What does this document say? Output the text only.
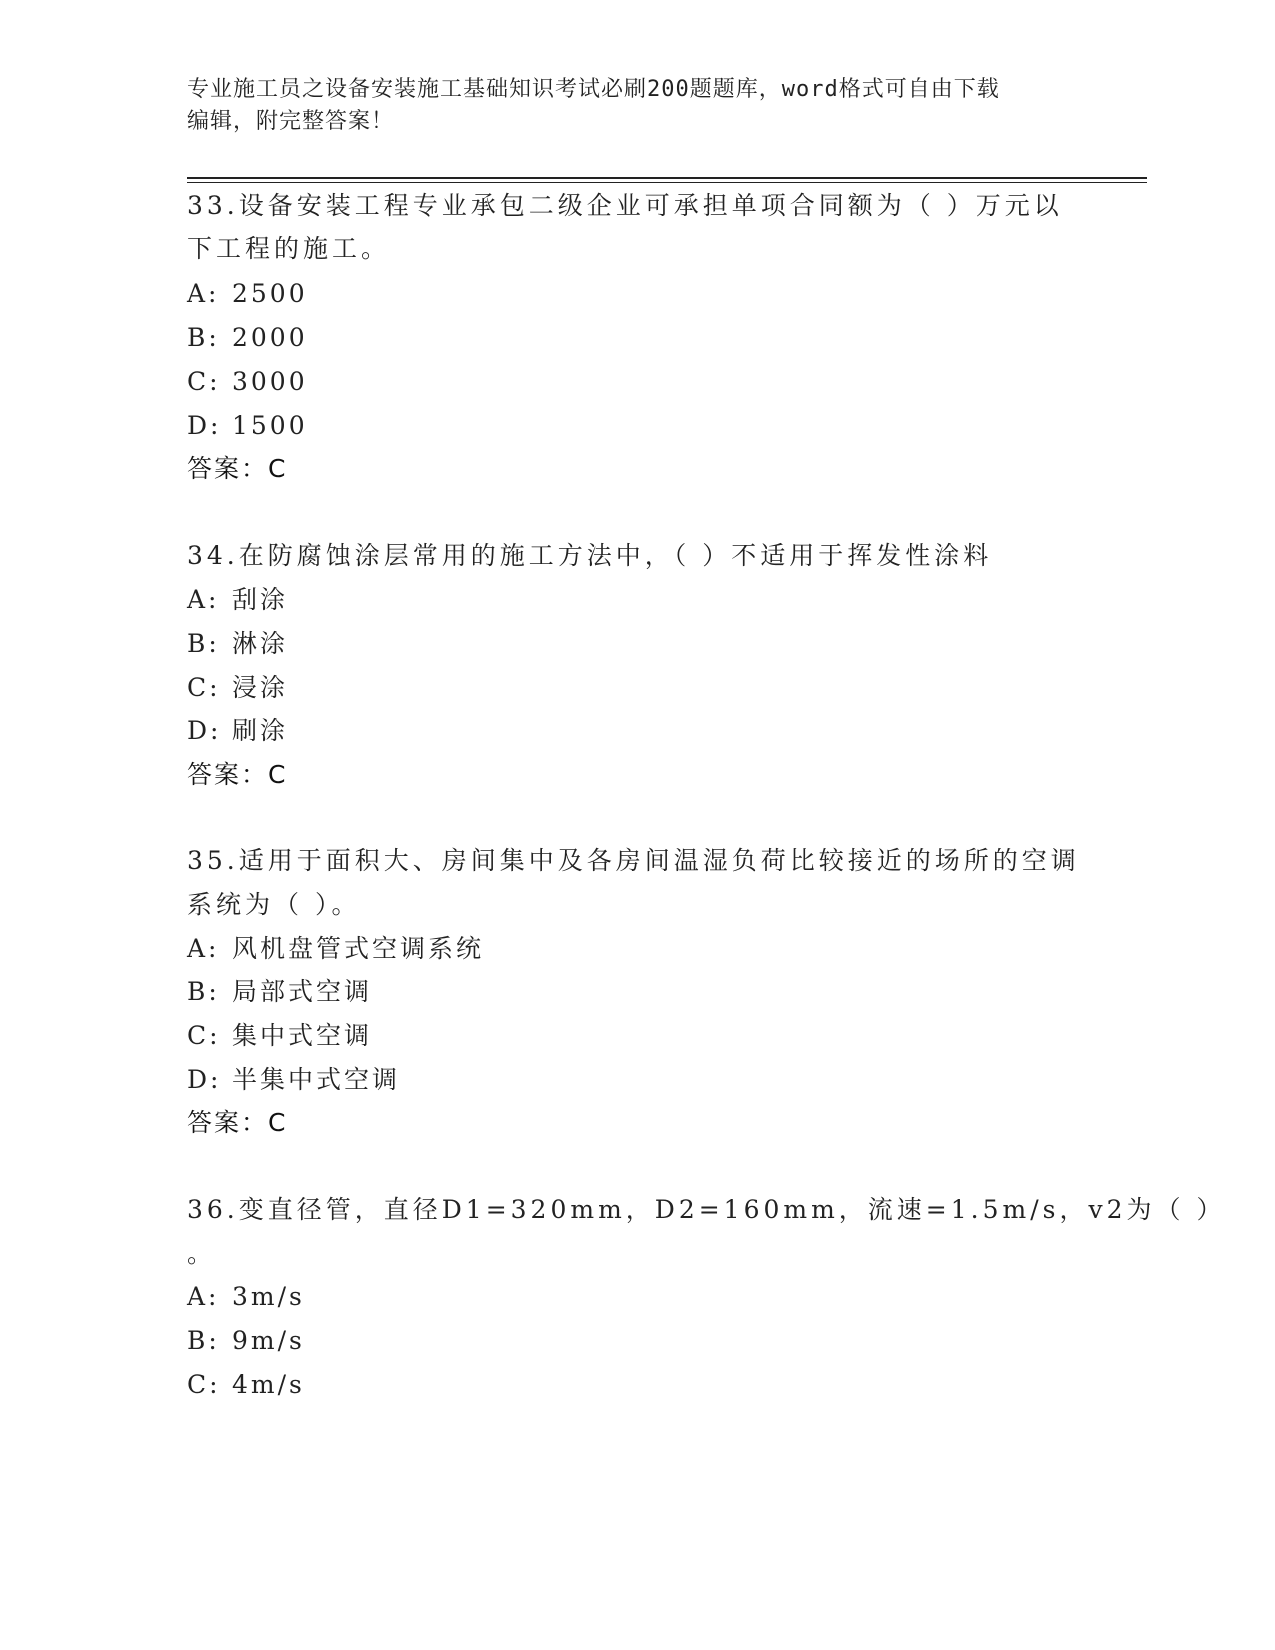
专业施工员之设备安装施工基础知识考试必刷200题题库，word格式可自由下载
编辑，附完整答案！
33.设备安装工程专业承包二级企业可承担单项合同额为（ ）万元以
下工程的施工。
A: 2500
B: 2000
C: 3000
D: 1500
答案：C
34.在防腐蚀涂层常用的施工方法中，（ ）不适用于挥发性涂料
A: 刮涂
B: 淋涂
C: 浸涂
D: 刷涂
答案：C
35.适用于面积大、房间集中及各房间温湿负荷比较接近的场所的空调
系统为（ ）。
A: 风机盘管式空调系统
B: 局部式空调
C: 集中式空调
D: 半集中式空调
答案：C
36.变直径管，直径D1=320mm，D2=160mm，流速=1.5m/s，v2为（ ）
。
A: 3m/s
B: 9m/s
C: 4m/s
